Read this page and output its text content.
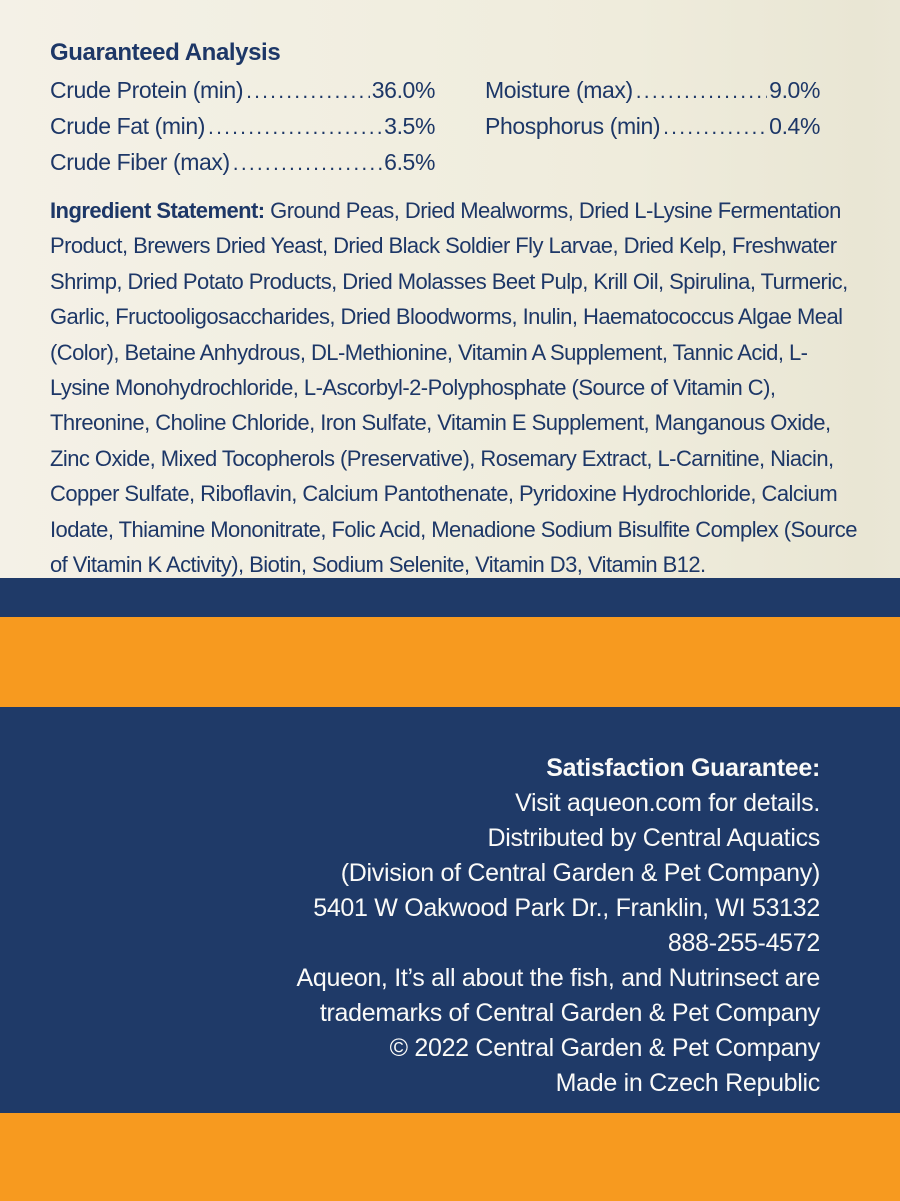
Guaranteed Analysis
Crude Protein (min) .....	36.0%
Crude Fat (min) .....	3.5%
Crude Fiber (max) .....	6.5%
Moisture (max) .....	9.0%
Phosphorus (min) .....	0.4%

Ingredient Statement: Ground Peas, Dried Mealworms, Dried L-Lysine Fermentation Product, Brewers Dried Yeast, Dried Black Soldier Fly Larvae, Dried Kelp, Freshwater Shrimp, Dried Potato Products, Dried Molasses Beet Pulp, Krill Oil, Spirulina, Turmeric, Garlic, Fructooligosaccharides, Dried Bloodworms, Inulin, Haematococcus Algae Meal (Color), Betaine Anhydrous, DL-Methionine, Vitamin A Supplement, Tannic Acid, L-Lysine Monohydrochloride, L-Ascorbyl-2-Polyphosphate (Source of Vitamin C), Threonine, Choline Chloride, Iron Sulfate, Vitamin E Supplement, Manganous Oxide, Zinc Oxide, Mixed Tocopherols (Preservative), Rosemary Extract, L-Carnitine, Niacin, Copper Sulfate, Riboflavin, Calcium Pantothenate, Pyridoxine Hydrochloride, Calcium Iodate, Thiamine Mononitrate, Folic Acid, Menadione Sodium Bisulfite Complex (Source of Vitamin K Activity), Biotin, Sodium Selenite, Vitamin D3, Vitamin B12.

Satisfaction Guarantee:
Visit aqueon.com for details.
Distributed by Central Aquatics
(Division of Central Garden & Pet Company)
5401 W Oakwood Park Dr., Franklin, WI 53132
888-255-4572
Aqueon, It’s all about the fish, and Nutrinsect are
trademarks of Central Garden & Pet Company
© 2022 Central Garden & Pet Company
Made in Czech Republic
